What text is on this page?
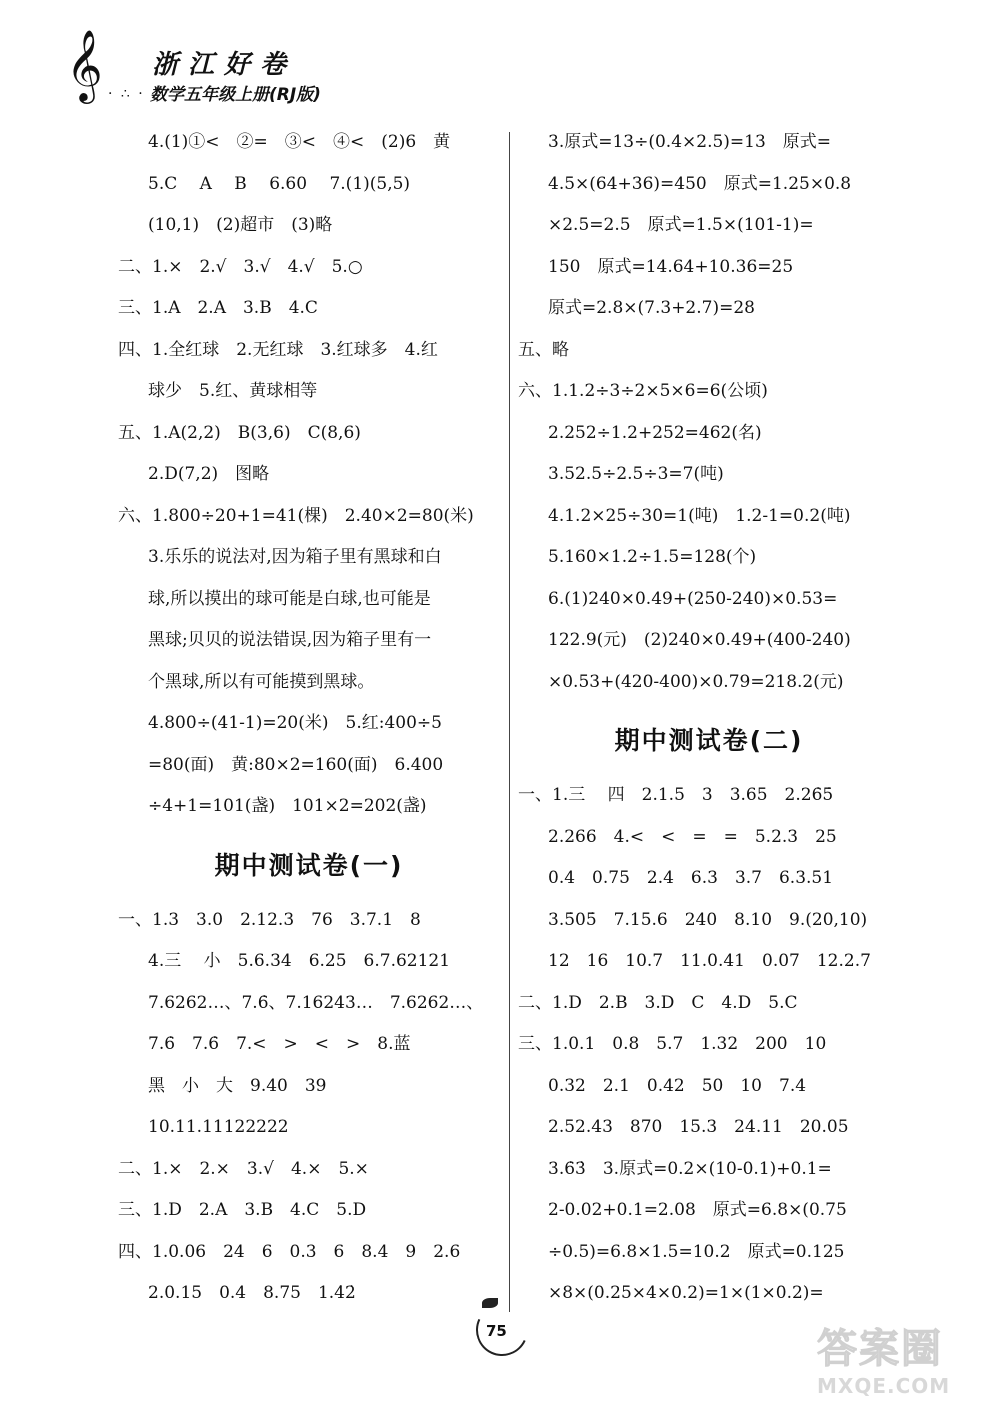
𝄞 · ∴ ·
浙江好卷
数学五年级上册(RJ版)
4.(1)①<　②=　③<　④<　(2)6　黄
5.C　 A　 B　 6.60　 7.(1)(5,5)
(10,1)　(2)超市　(3)略
二、1.×　2.√　3.√　4.√　5.○
三、1.A　2.A　3.B　4.C
四、1.全红球　2.无红球　3.红球多　4.红
球少　5.红、黄球相等
五、1.A(2,2)　B(3,6)　C(8,6)
2.D(7,2)　图略
六、1.800÷20+1=41(棵)　2.40×2=80(米)
3.乐乐的说法对,因为箱子里有黑球和白
球,所以摸出的球可能是白球,也可能是
黑球;贝贝的说法错误,因为箱子里有一
个黑球,所以有可能摸到黑球。
4.800÷(41-1)=20(米)　5.红:400÷5
=80(面)　黄:80×2=160(面)　6.400
÷4+1=101(盏)　101×2=202(盏)
期中测试卷(一)
一、1.3　3.0　2.12.3　76　3.7.1　8
4.三　 小　5.6.34　6.25　6.7.62121
7.6262…、7.6̇、7.16243…　7.6262…、
7.6̇　7.6̇　7.<　>　<　>　8.蓝
黑　小　大　9.40　39
10.11.11122222
二、1.×　2.×　3.√　4.×　5.×
三、1.D　2.A　3.B　4.C　5.D
四、1.0.06　24　6　0.3　6　8.4　9　2.6
2.0.15　0.4　8.75　1.4̇2̇
3.原式=13÷(0.4×2.5)=13　原式=
4.5×(64+36)=450　原式=1.25×0.8
×2.5=2.5　原式=1.5×(101-1)=
150　原式=14.64+10.36=25
原式=2.8×(7.3+2.7)=28
五、略
六、1.1.2÷3÷2×5×6=6(公顷)
2.252÷1.2+252=462(名)
3.52.5÷2.5÷3=7(吨)
4.1.2×25÷30=1(吨)　1.2-1=0.2(吨)
5.160×1.2÷1.5=128(个)
6.(1)240×0.49+(250-240)×0.53=
122.9(元)　(2)240×0.49+(400-240)
×0.53+(420-400)×0.79=218.2(元)
期中测试卷(二)
一、1.三　 四　2.1.5　3　3.65　2.26̇5̇
2.266　4.<　<　=　=　5.2.3　25
0.4　0.75　2.4　6.3　3.7　6.3.51
3.5̇05̇　7.15.6　240　8.10　9.(20,10)
12　16　10.7　11.0.41　0.07　12.2.7
二、1.D　2.B　3.D　C　4.D　5.C
三、1.0.1　0.8　5.7　1.32　200　10
0.32　2.1　0.42　50　10　7.4
2.52.43　870　15.3　24.11　20.05
3.6̇3̇　3.原式=0.2×(10-0.1)+0.1=
2-0.02+0.1=2.08　原式=6.8×(0.75
÷0.5)=6.8×1.5=10.2　原式=0.125
×8×(0.25×4×0.2)=1×(1×0.2)=
75	答案圈
MXQE.COM
